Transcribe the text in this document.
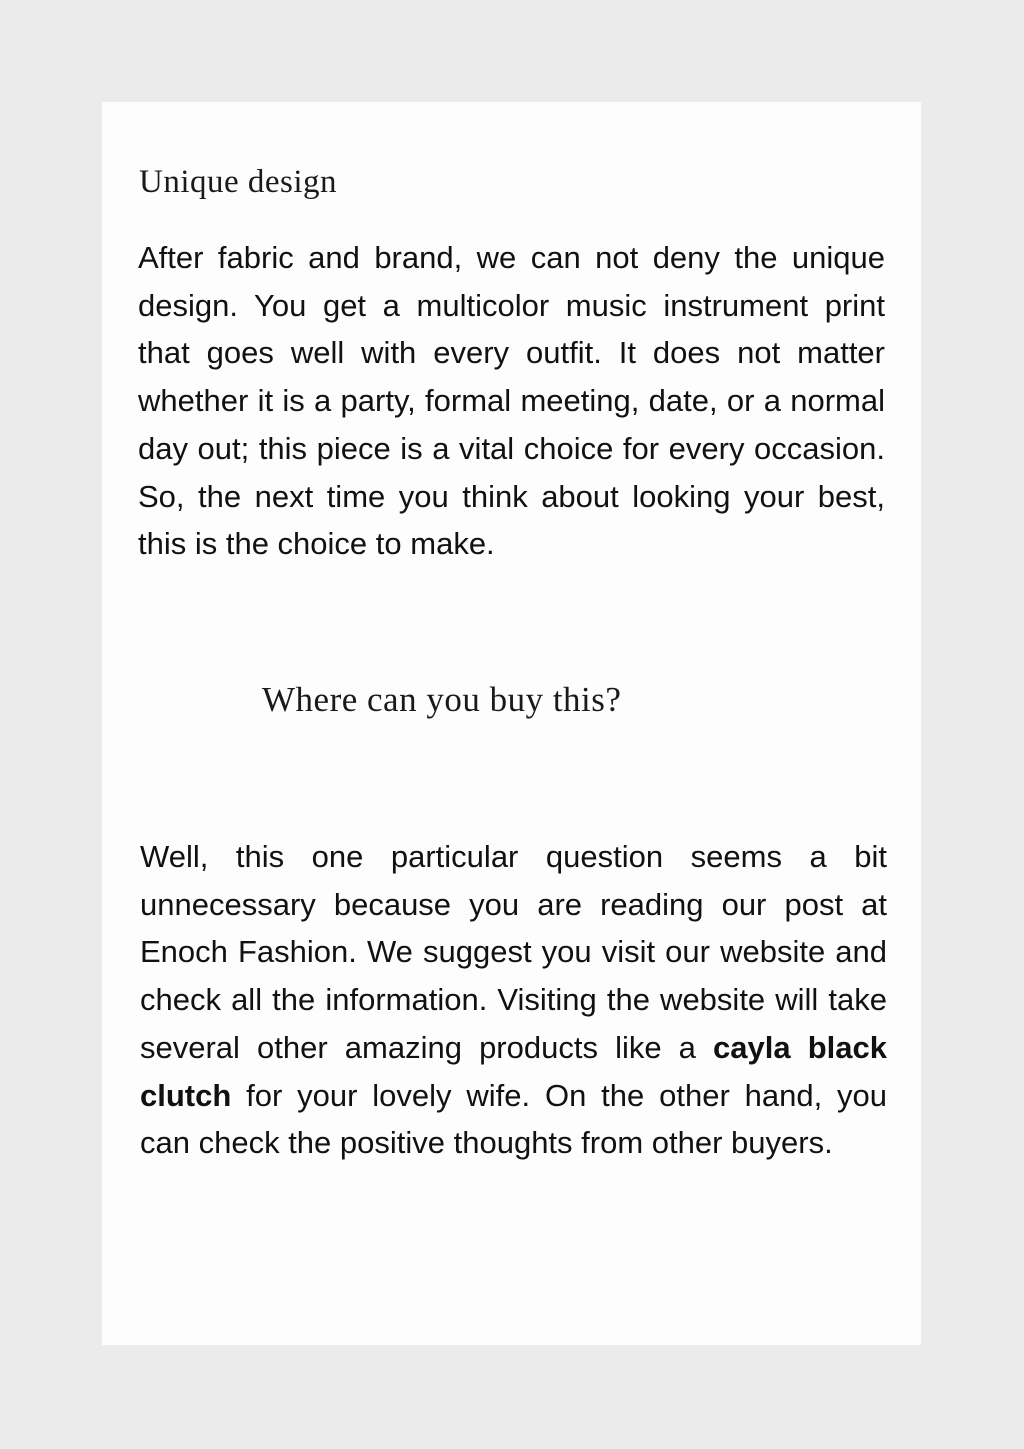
Unique design

After fabric and brand, we can not deny the unique design. You get a multicolor music instrument print that goes well with every outfit. It does not matter whether it is a party, formal meeting, date, or a normal day out; this piece is a vital choice for every occasion. So, the next time you think about looking your best, this is the choice to make.

Where can you buy this?

Well, this one particular question seems a bit unnecessary because you are reading our post at Enoch Fashion. We suggest you visit our website and check all the information. Visiting the website will take several other amazing products like a cayla black clutch for your lovely wife. On the other hand, you can check the positive thoughts from other buyers.
